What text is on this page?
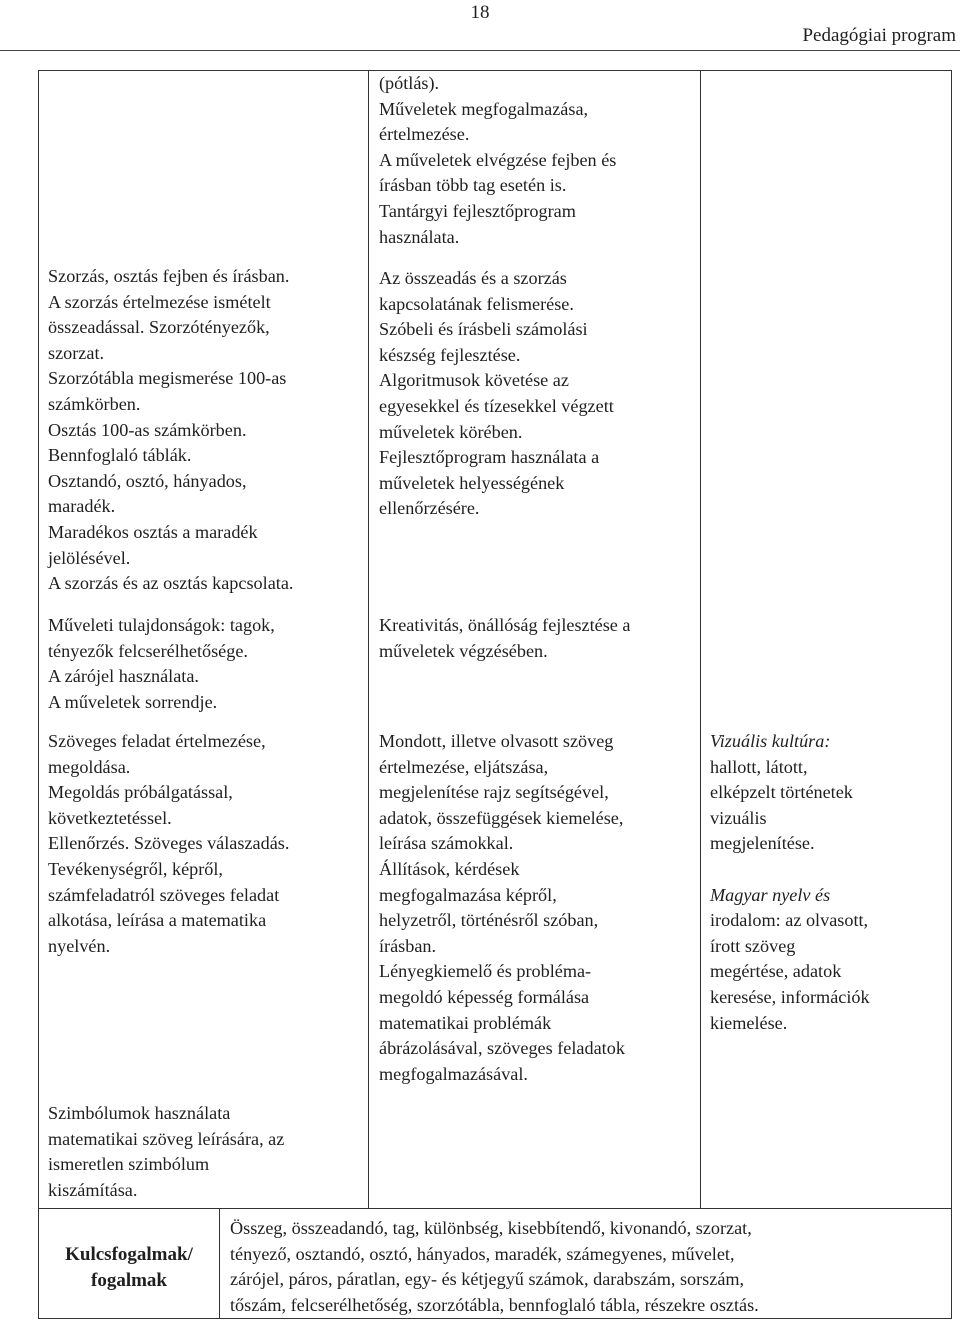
18
Pedagógiai program
(pótlás).
Műveletek megfogalmazása,
értelmezése.
A műveletek elvégzése fejben és
írásban több tag esetén is.
Tantárgyi fejlesztőprogram
használata.
Szorzás, osztás fejben és írásban.
A szorzás értelmezése ismételt
összeadással. Szorzótényezők,
szorzat.
Szorzótábla megismerése 100-as
számkörben.
Osztás 100-as számkörben.
Bennfoglaló táblák.
Osztandó, osztó, hányados,
maradék.
Maradékos osztás a maradék
jelölésével.
A szorzás és az osztás kapcsolata.
Műveleti tulajdonságok: tagok,
tényezők felcserélhetősége.
A zárójel használata.
A műveletek sorrendje.
Az összeadás és a szorzás
kapcsolatának felismerése.
Szóbeli és írásbeli számolási
készség fejlesztése.
Algoritmusok követése az
egyesekkel és tízesekkel végzett
műveletek körében.
Fejlesztőprogram használata a
műveletek helyességének
ellenőrzésére.
Kreativitás, önállóság fejlesztése a
műveletek végzésében.
Szöveges feladat értelmezése,
megoldása.
Megoldás próbálgatással,
következtetéssel.
Ellenőrzés. Szöveges válaszadás.
Tevékenységről, képről,
számfeladatról szöveges feladat
alkotása, leírása a matematika
nyelvén.
Mondott, illetve olvasott szöveg
értelmezése, eljátszása,
megjelenítése rajz segítségével,
adatok, összefüggések kiemelése,
leírása számokkal.
Állítások, kérdések
megfogalmazása képről,
helyzetről, történésről szóban,
írásban.
Lényegkiemelő és probléma-
megoldó képesség formálása
matematikai problémák
ábrázolásával, szöveges feladatok
megfogalmazásával.
Vizuális kultúra:
hallott, látott,
elképzelt történetek
vizuális
megjelenítése.
Magyar nyelv és
irodalom: az olvasott,
írott szöveg
megértése, adatok
keresése, információk
kiemelése.
Szimbólumok használata
matematikai szöveg leírására, az
ismeretlen szimbólum
kiszámítása.
Kulcsfogalmak/
fogalmak
Összeg, összeadandó, tag, különbség, kisebbítendő, kivonandó, szorzat,
tényező, osztandó, osztó, hányados, maradék, számegyenes, művelet,
zárójel, páros, páratlan, egy- és kétjegyű számok, darabszám, sorszám,
tőszám, felcserélhetőség, szorzótábla, bennfoglaló tábla, részekre osztás.
